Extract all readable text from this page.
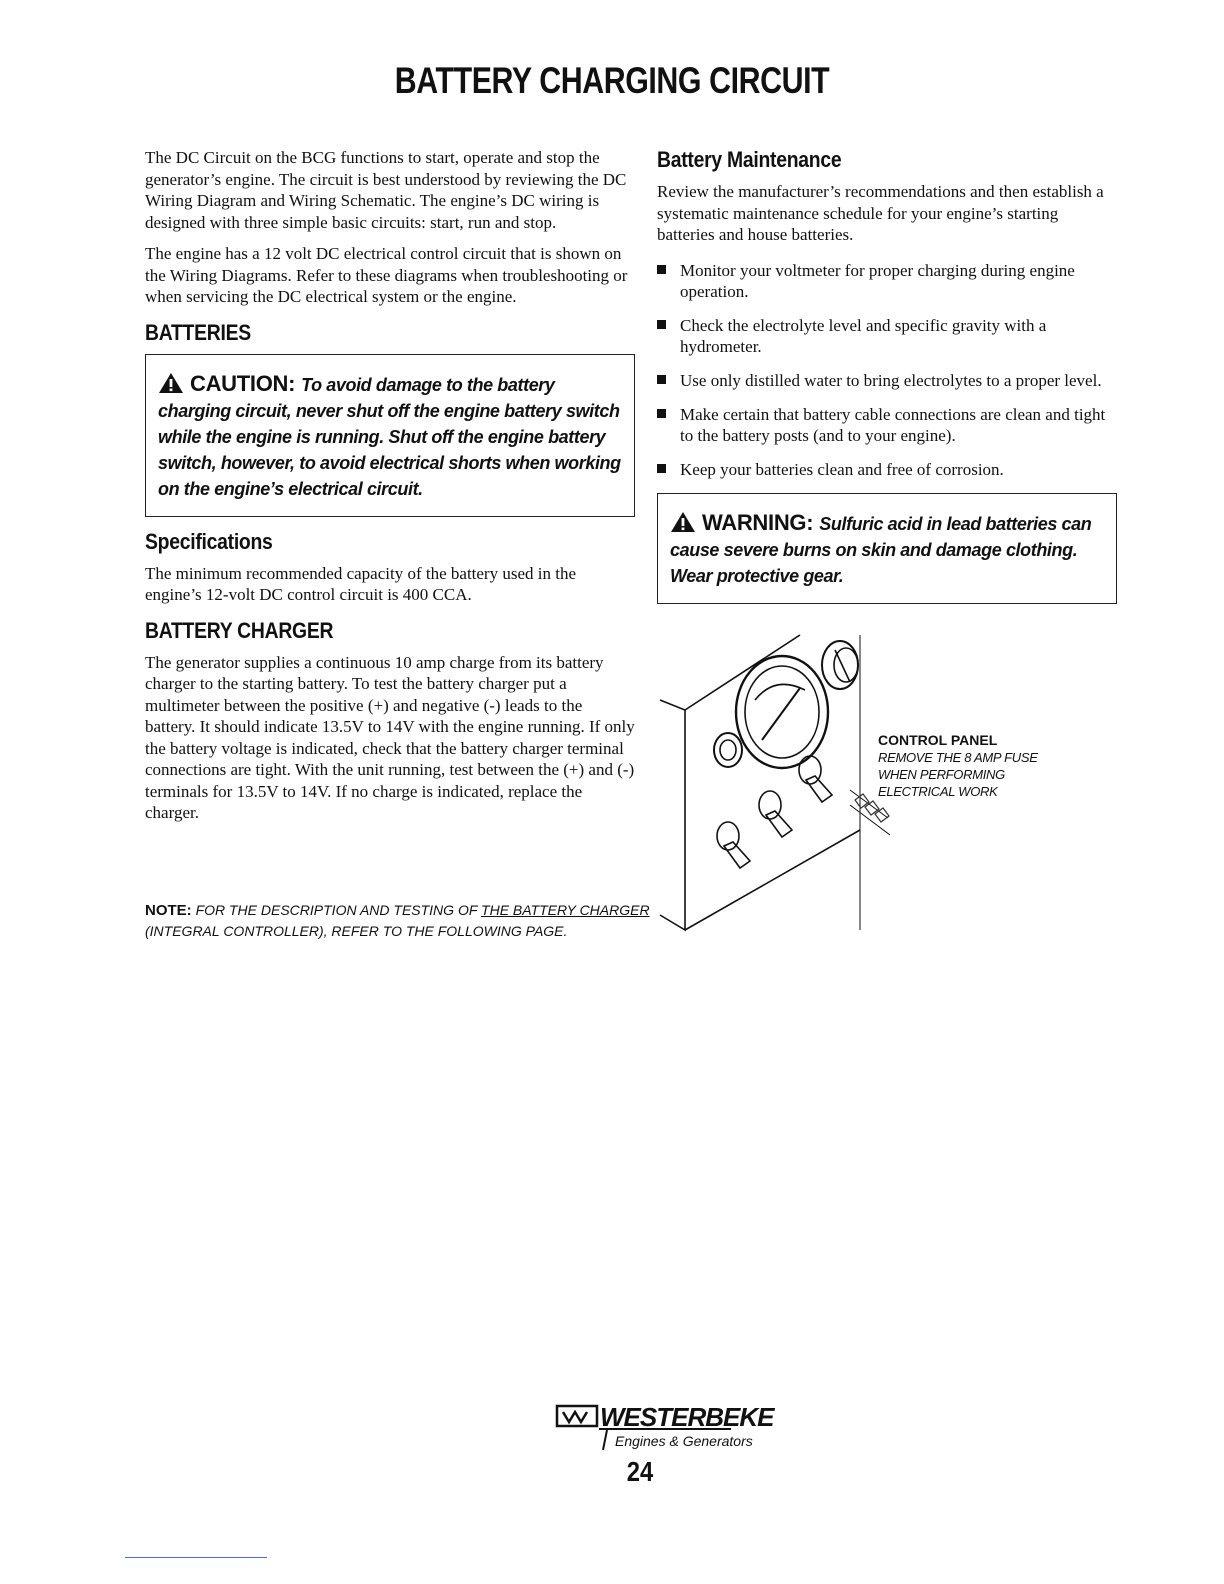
BATTERY CHARGING CIRCUIT

The DC Circuit on the BCG functions to start, operate and stop the generator’s engine. The circuit is best understood by reviewing the DC Wiring Diagram and Wiring Schematic. The engine’s DC wiring is designed with three simple basic circuits: start, run and stop.

The engine has a 12 volt DC electrical control circuit that is shown on the Wiring Diagrams. Refer to these diagrams when troubleshooting or when servicing the DC electrical system or the engine.

BATTERIES
CAUTION: To avoid damage to the battery charging circuit, never shut off the engine battery switch while the engine is running. Shut off the engine battery switch, however, to avoid electrical shorts when working on the engine’s electrical circuit.
Specifications

The minimum recommended capacity of the battery used in the engine’s 12-volt DC control circuit is 400 CCA.

BATTERY CHARGER

The generator supplies a continuous 10 amp charge from its battery charger to the starting battery. To test the battery charger put a multimeter between the positive (+) and negative (-) leads to the battery. It should indicate 13.5V to 14V with the engine running. If only the battery voltage is indicated, check that the battery charger terminal connections are tight. With the unit running, test between the (+) and (-) terminals for 13.5V to 14V. If no charge is indicated, replace the charger.

NOTE: FOR THE DESCRIPTION AND TESTING OF THE BATTERY CHARGER (INTEGRAL CONTROLLER), REFER TO THE FOLLOWING PAGE.
Battery Maintenance

Review the manufacturer’s recommendations and then establish a systematic maintenance schedule for your engine’s starting batteries and house batteries.

Monitor your voltmeter for proper charging during engine operation.
Check the electrolyte level and specific gravity with a hydrometer.
Use only distilled water to bring electrolytes to a proper level.
Make certain that battery cable connections are clean and tight to the battery posts (and to your engine).
Keep your batteries clean and free of corrosion.
WARNING: Sulfuric acid in lead batteries can cause severe burns on skin and damage clothing. Wear protective gear.
CONTROL PANEL
REMOVE THE 8 AMP FUSE
WHEN PERFORMING
ELECTRICAL WORK
WESTERBEKE
Engines & Generators
24
